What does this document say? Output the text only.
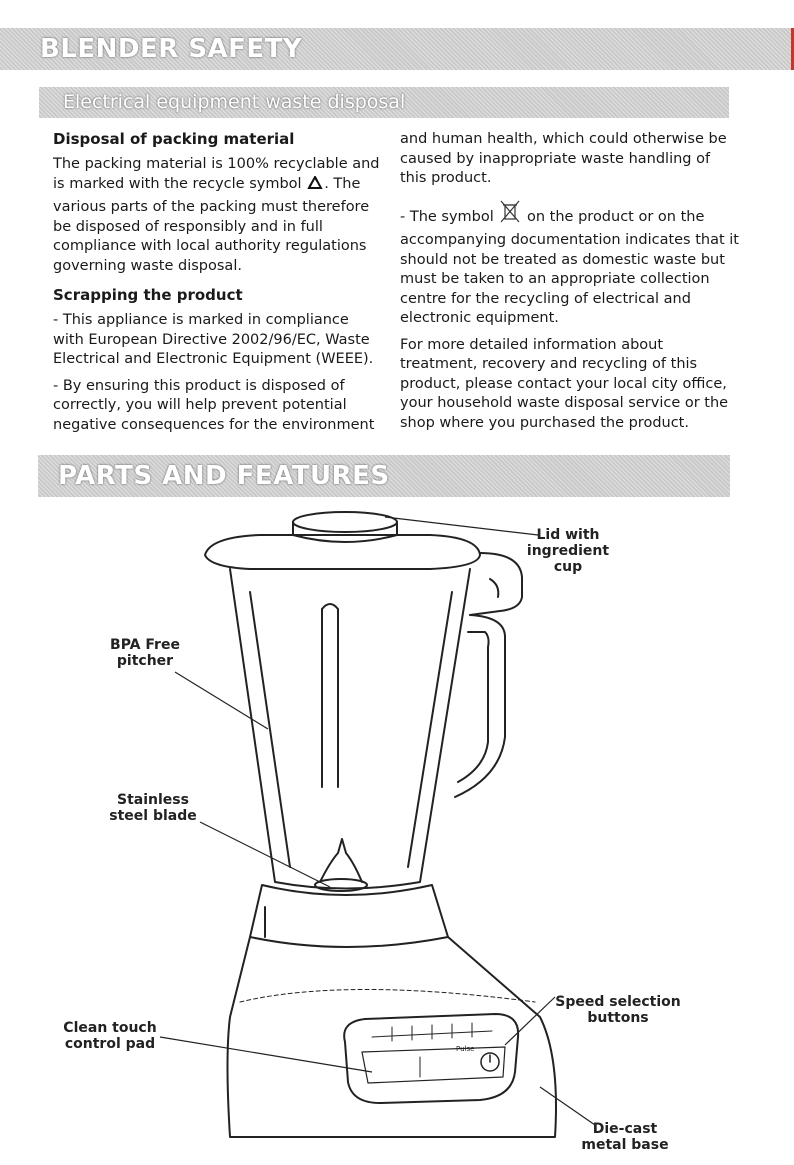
BLENDER SAFETY
Electrical equipment waste disposal
Disposal of packing material

The packing material is 100% recyclable and is marked with the recycle symbol . The various parts of the packing must therefore be disposed of responsibly and in full compliance with local authority regulations governing waste disposal.

Scrapping the product

- This appliance is marked in compliance with European Directive 2002/96/EC, Waste Electrical and Electronic Equipment (WEEE).

- By ensuring this product is disposed of correctly, you will help prevent potential negative consequences for the environment

and human health, which could otherwise be caused by inappropriate waste handling of this product.

- The symbol on the product or on the accompanying documentation indicates that it should not be treated as domestic waste but must be taken to an appropriate collection centre for the recycling of electrical and electronic equipment.

For more detailed information about treatment, recovery and recycling of this product, please contact your local city office, your household waste disposal service or the shop where you purchased the product.

PARTS AND FEATURES
Pulse
Lid with
ingredient cup
BPA Free
pitcher
Stainless
steel blade
Speed selection
buttons
Clean touch
control pad
Die-cast
metal base
